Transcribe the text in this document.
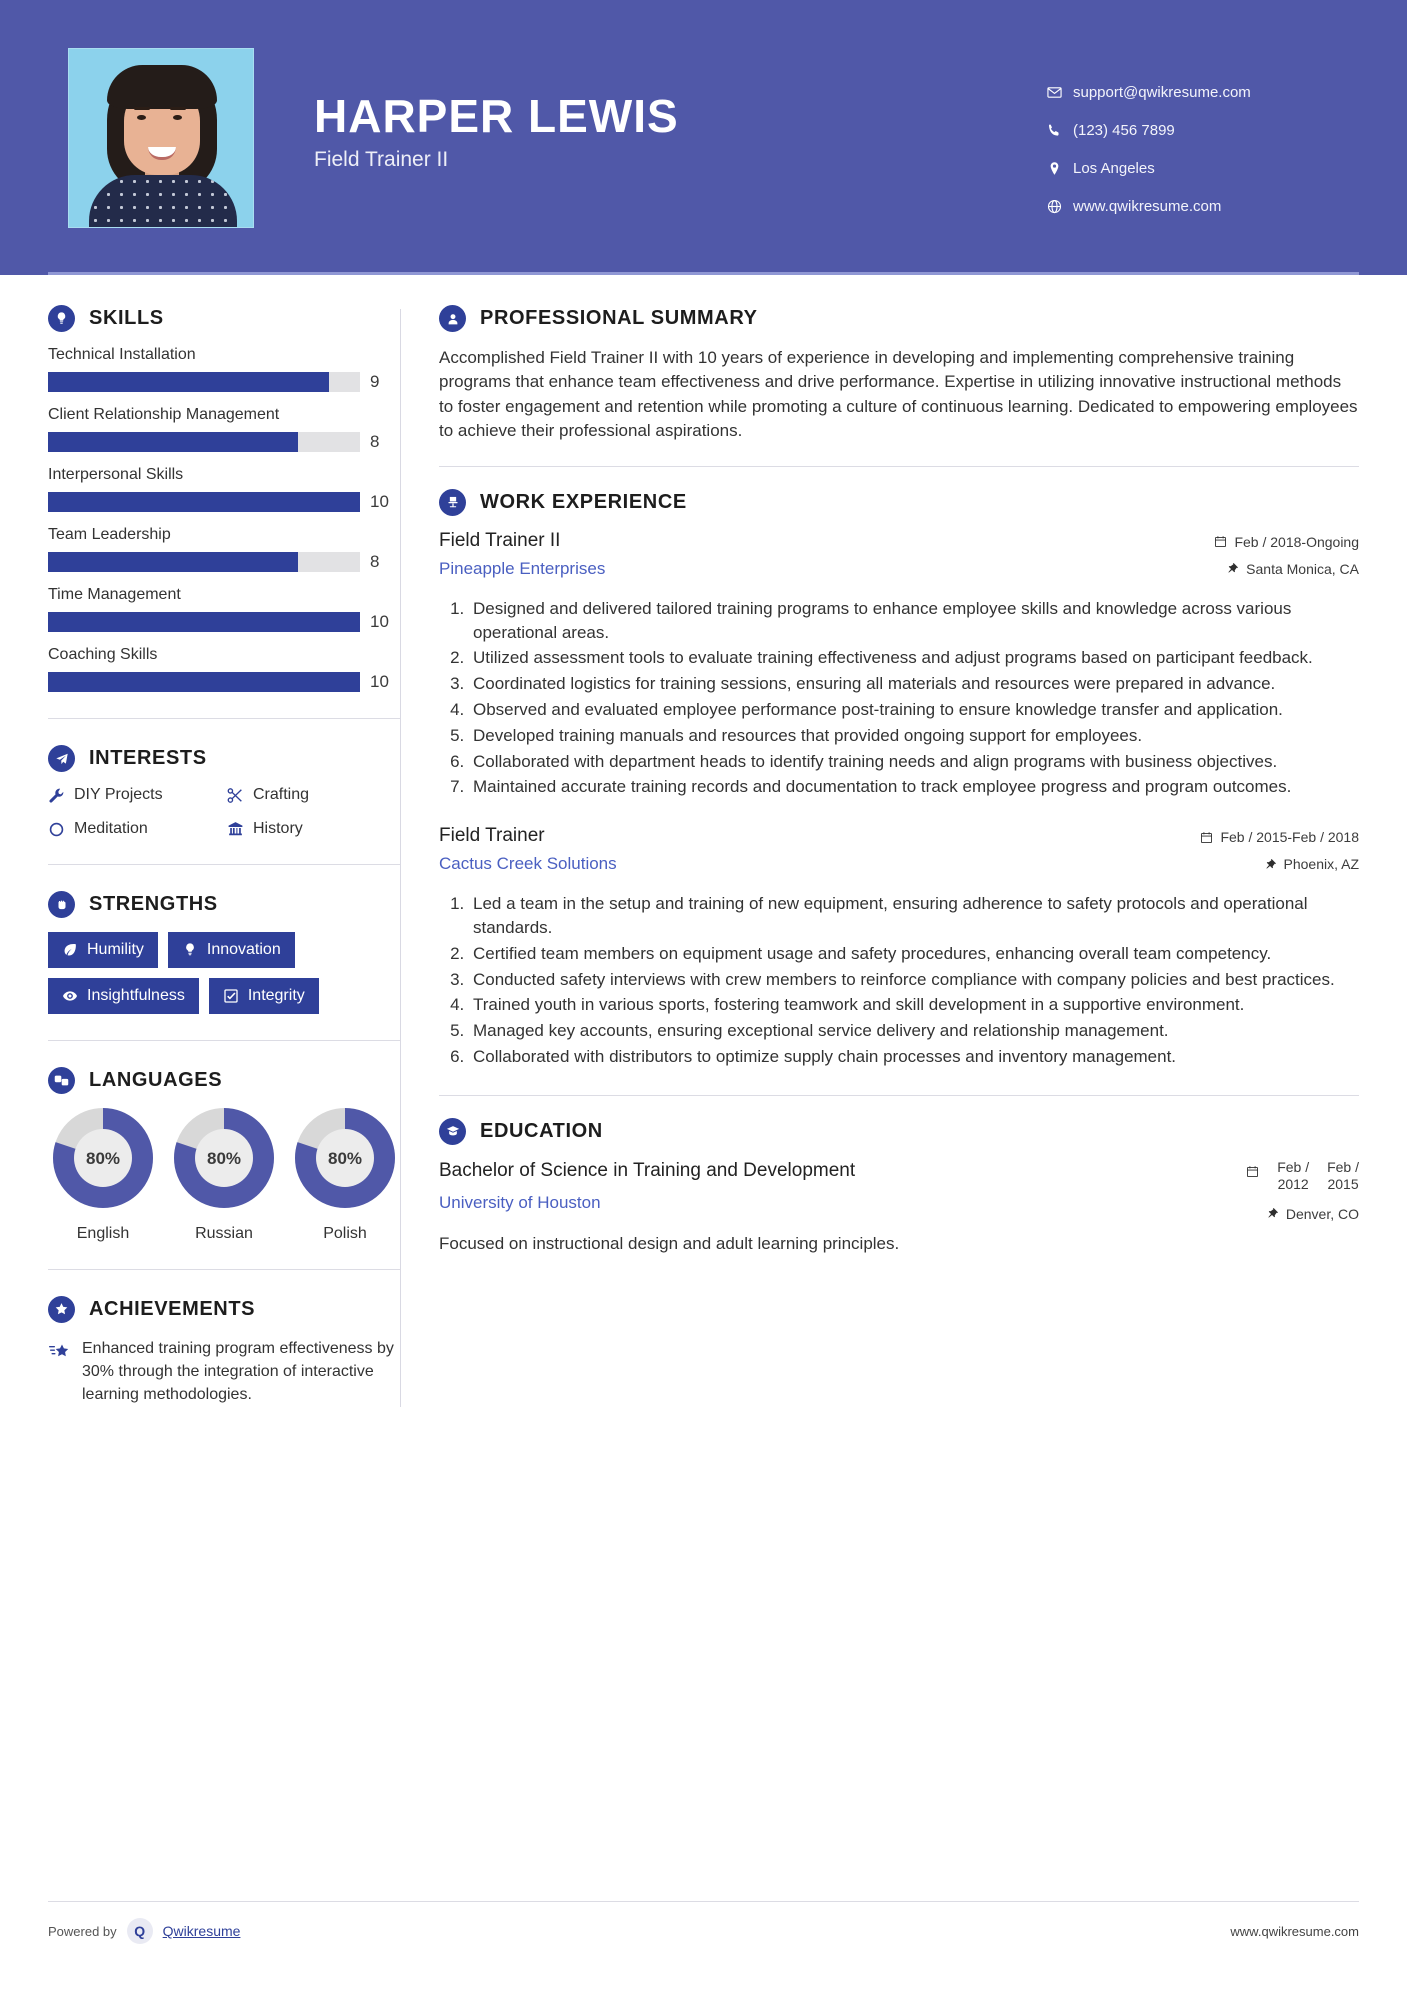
HARPER LEWIS
Field Trainer II
support@qwikresume.com
(123) 456 7899
Los Angeles
www.qwikresume.com
SKILLS
Technical Installation
9
Client Relationship Management
8
Interpersonal Skills
10
Team Leadership
8
Time Management
10
Coaching Skills
10
INTERESTS
DIY Projects	Crafting
Meditation	History
STRENGTHS
Humility	Innovation
Insightfulness	Integrity
LANGUAGES
80%
English
80%
Russian
80%
Polish
ACHIEVEMENTS
Enhanced training program effectiveness by 30% through the integration of interactive learning methodologies.
PROFESSIONAL SUMMARY
Accomplished Field Trainer II with 10 years of experience in developing and implementing comprehensive training programs that enhance team effectiveness and drive performance. Expertise in utilizing innovative instructional methods to foster engagement and retention while promoting a culture of continuous learning. Dedicated to empowering employees to achieve their professional aspirations.
WORK EXPERIENCE
Field Trainer II
Pineapple Enterprises
Feb / 2018-Ongoing
Santa Monica, CA
1. Designed and delivered tailored training programs to enhance employee skills and knowledge across various operational areas.
2. Utilized assessment tools to evaluate training effectiveness and adjust programs based on participant feedback.
3. Coordinated logistics for training sessions, ensuring all materials and resources were prepared in advance.
4. Observed and evaluated employee performance post-training to ensure knowledge transfer and application.
5. Developed training manuals and resources that provided ongoing support for employees.
6. Collaborated with department heads to identify training needs and align programs with business objectives.
7. Maintained accurate training records and documentation to track employee progress and program outcomes.
Field Trainer
Cactus Creek Solutions
Feb / 2015-Feb / 2018
Phoenix, AZ
1. Led a team in the setup and training of new equipment, ensuring adherence to safety protocols and operational standards.
2. Certified team members on equipment usage and safety procedures, enhancing overall team competency.
3. Conducted safety interviews with crew members to reinforce compliance with company policies and best practices.
4. Trained youth in various sports, fostering teamwork and skill development in a supportive environment.
5. Managed key accounts, ensuring exceptional service delivery and relationship management.
6. Collaborated with distributors to optimize supply chain processes and inventory management.
EDUCATION
Bachelor of Science in Training and Development
University of Houston
Feb /
2012
Feb /
2015
Denver, CO
Focused on instructional design and adult learning principles.
Powered by	Q	Qwikresume	www.qwikresume.com
